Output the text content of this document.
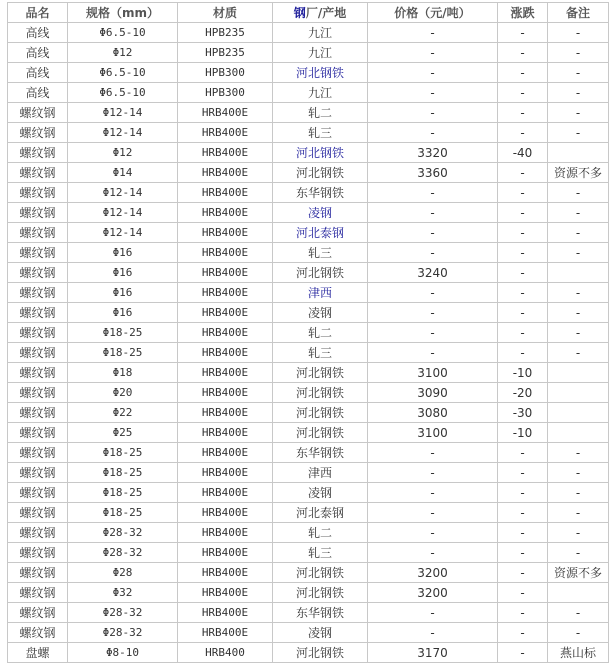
品名	规格（mm）	材质	钢厂/产地	价格（元/吨）	涨跌	备注
高线	Φ6.5-10	HPB235	九江	-	-	-
高线	Φ12	HPB235	九江	-	-	-
高线	Φ6.5-10	HPB300	河北钢铁	-	-	-
高线	Φ6.5-10	HPB300	九江	-	-	-
螺纹钢	Φ12-14	HRB400E	轧二	-	-	-
螺纹钢	Φ12-14	HRB400E	轧三	-	-	-
螺纹钢	Φ12	HRB400E	河北钢铁	3320	-40	
螺纹钢	Φ14	HRB400E	河北钢铁	3360	-	资源不多
螺纹钢	Φ12-14	HRB400E	东华钢铁	-	-	-
螺纹钢	Φ12-14	HRB400E	凌钢	-	-	-
螺纹钢	Φ12-14	HRB400E	河北泰钢	-	-	-
螺纹钢	Φ16	HRB400E	轧三	-	-	-
螺纹钢	Φ16	HRB400E	河北钢铁	3240	-	
螺纹钢	Φ16	HRB400E	津西	-	-	-
螺纹钢	Φ16	HRB400E	凌钢	-	-	-
螺纹钢	Φ18-25	HRB400E	轧二	-	-	-
螺纹钢	Φ18-25	HRB400E	轧三	-	-	-
螺纹钢	Φ18	HRB400E	河北钢铁	3100	-10	
螺纹钢	Φ20	HRB400E	河北钢铁	3090	-20	
螺纹钢	Φ22	HRB400E	河北钢铁	3080	-30	
螺纹钢	Φ25	HRB400E	河北钢铁	3100	-10	
螺纹钢	Φ18-25	HRB400E	东华钢铁	-	-	-
螺纹钢	Φ18-25	HRB400E	津西	-	-	-
螺纹钢	Φ18-25	HRB400E	凌钢	-	-	-
螺纹钢	Φ18-25	HRB400E	河北泰钢	-	-	-
螺纹钢	Φ28-32	HRB400E	轧二	-	-	-
螺纹钢	Φ28-32	HRB400E	轧三	-	-	-
螺纹钢	Φ28	HRB400E	河北钢铁	3200	-	资源不多
螺纹钢	Φ32	HRB400E	河北钢铁	3200	-	
螺纹钢	Φ28-32	HRB400E	东华钢铁	-	-	-
螺纹钢	Φ28-32	HRB400E	凌钢	-	-	-
盘螺	Φ8-10	HRB400	河北钢铁	3170	-	燕山标
